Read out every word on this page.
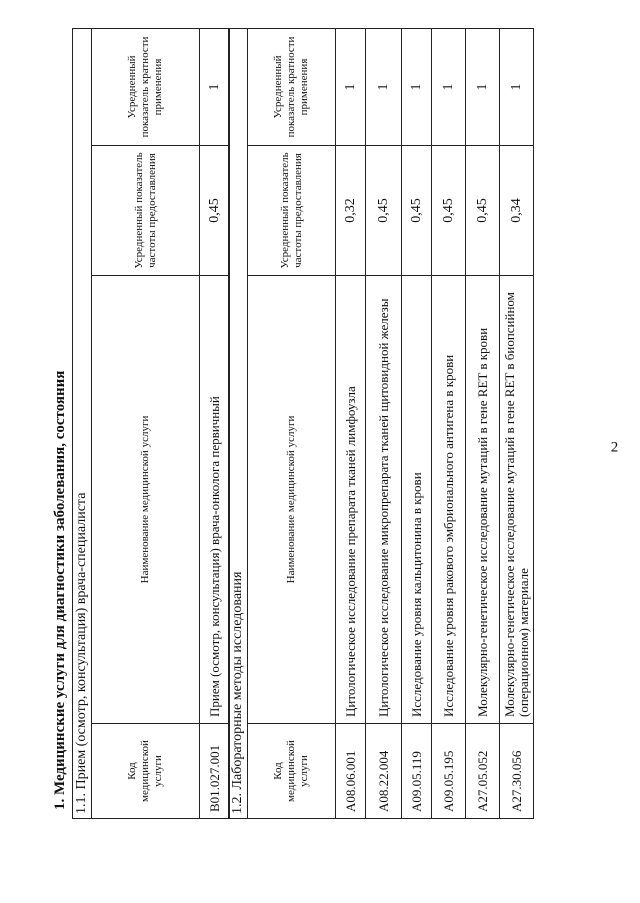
2
1. Медицинские услуги для диагностики заболевания, состояния 1.1. Прием (осмотр, консультация) врача-специалиста			
Код медицинской услуги	Наименование медицинской услуги	Усредненный показатель частоты предоставления	Усредненный показатель кратности применения
B01.027.001	Прием (осмотр, консультация) врача-онколога первичный	0,45	1
1.2. Лабораторные методы исследования			
Код медицинской услуги	Наименование медицинской услуги	Усредненный показатель частоты предоставления	Усредненный показатель кратности применения
A08.06.001	Цитологическое исследование препарата тканей лимфоузла	0,32	1
A08.22.004	Цитологическое исследование микропрепарата тканей щитовидной железы	0,45	1
A09.05.119	Исследование уровня кальцитонина в крови	0,45	1
A09.05.195	Исследование уровня ракового эмбрионального антигена в крови	0,45	1
A27.05.052	Молекулярно-генетическое исследование мутаций в гене RET в крови	0,45	1
A27.30.056	Молекулярно-генетическое исследование мутаций в гене RET в биопсийном (операционном) материале	0,34	1
